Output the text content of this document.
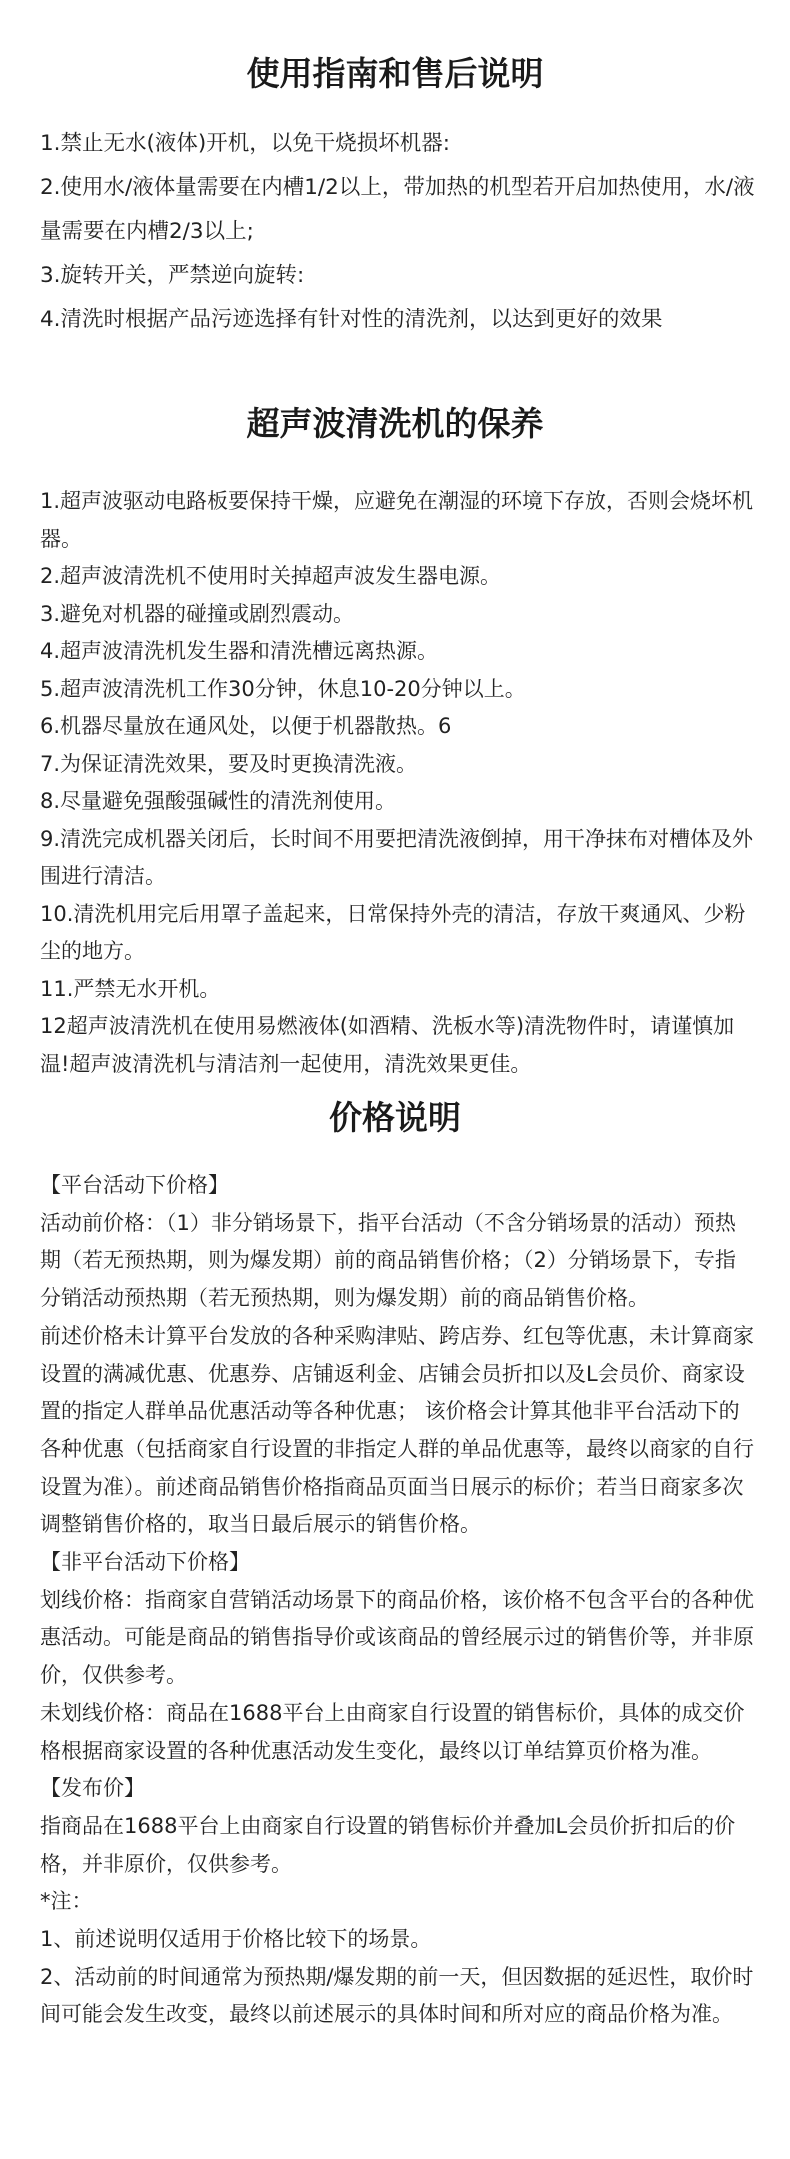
使用指南和售后说明
1.禁止无水(液体)开机，以免干烧损坏机器:
2.使用水/液体量需要在内槽1/2以上，带加热的机型若开启加热使用，水/液量需要在内槽2/3以上;
3.旋转开关，严禁逆向旋转:
4.清洗时根据产品污迹选择有针对性的清洗剂，以达到更好的效果
超声波清洗机的保养
1.超声波驱动电路板要保持干燥，应避免在潮湿的环境下存放，否则会烧坏机器。
2.超声波清洗机不使用时关掉超声波发生器电源。
3.避免对机器的碰撞或剧烈震动。
4.超声波清洗机发生器和清洗槽远离热源。
5.超声波清洗机工作30分钟，休息10-20分钟以上。
6.机器尽量放在通风处，以便于机器散热。6
7.为保证清洗效果，要及时更换清洗液。
8.尽量避免强酸强碱性的清洗剂使用。
9.清洗完成机器关闭后，长时间不用要把清洗液倒掉，用干净抹布对槽体及外围进行清洁。
10.清洗机用完后用罩子盖起来，日常保持外壳的清洁，存放干爽通风、少粉尘的地方。
11.严禁无水开机。
12超声波清洗机在使用易燃液体(如酒精、洗板水等)清洗物件时，请谨慎加温!超声波清洗机与清洁剂一起使用，清洗效果更佳。
价格说明

【平台活动下价格】

活动前价格：（1）非分销场景下，指平台活动（不含分销场景的活动）预热期（若无预热期，则为爆发期）前的商品销售价格；（2）分销场景下，专指分销活动预热期（若无预热期，则为爆发期）前的商品销售价格。

前述价格未计算平台发放的各种采购津贴、跨店券、红包等优惠，未计算商家设置的满减优惠、优惠券、店铺返利金、店铺会员折扣以及L会员价、商家设置的指定人群单品优惠活动等各种优惠； 该价格会计算其他非平台活动下的各种优惠（包括商家自行设置的非指定人群的单品优惠等，最终以商家的自行设置为准）。前述商品销售价格指商品页面当日展示的标价；若当日商家多次调整销售价格的，取当日最后展示的销售价格。

【非平台活动下价格】

划线价格：指商家自营销活动场景下的商品价格，该价格不包含平台的各种优惠活动。可能是商品的销售指导价或该商品的曾经展示过的销售价等，并非原价，仅供参考。

未划线价格：商品在1688平台上由商家自行设置的销售标价，具体的成交价格根据商家设置的各种优惠活动发生变化，最终以订单结算页价格为准。

【发布价】

指商品在1688平台上由商家自行设置的销售标价并叠加L会员价折扣后的价格，并非原价，仅供参考。

*注：

1、前述说明仅适用于价格比较下的场景。

2、活动前的时间通常为预热期/爆发期的前一天，但因数据的延迟性，取价时间可能会发生改变，最终以前述展示的具体时间和所对应的商品价格为准。
